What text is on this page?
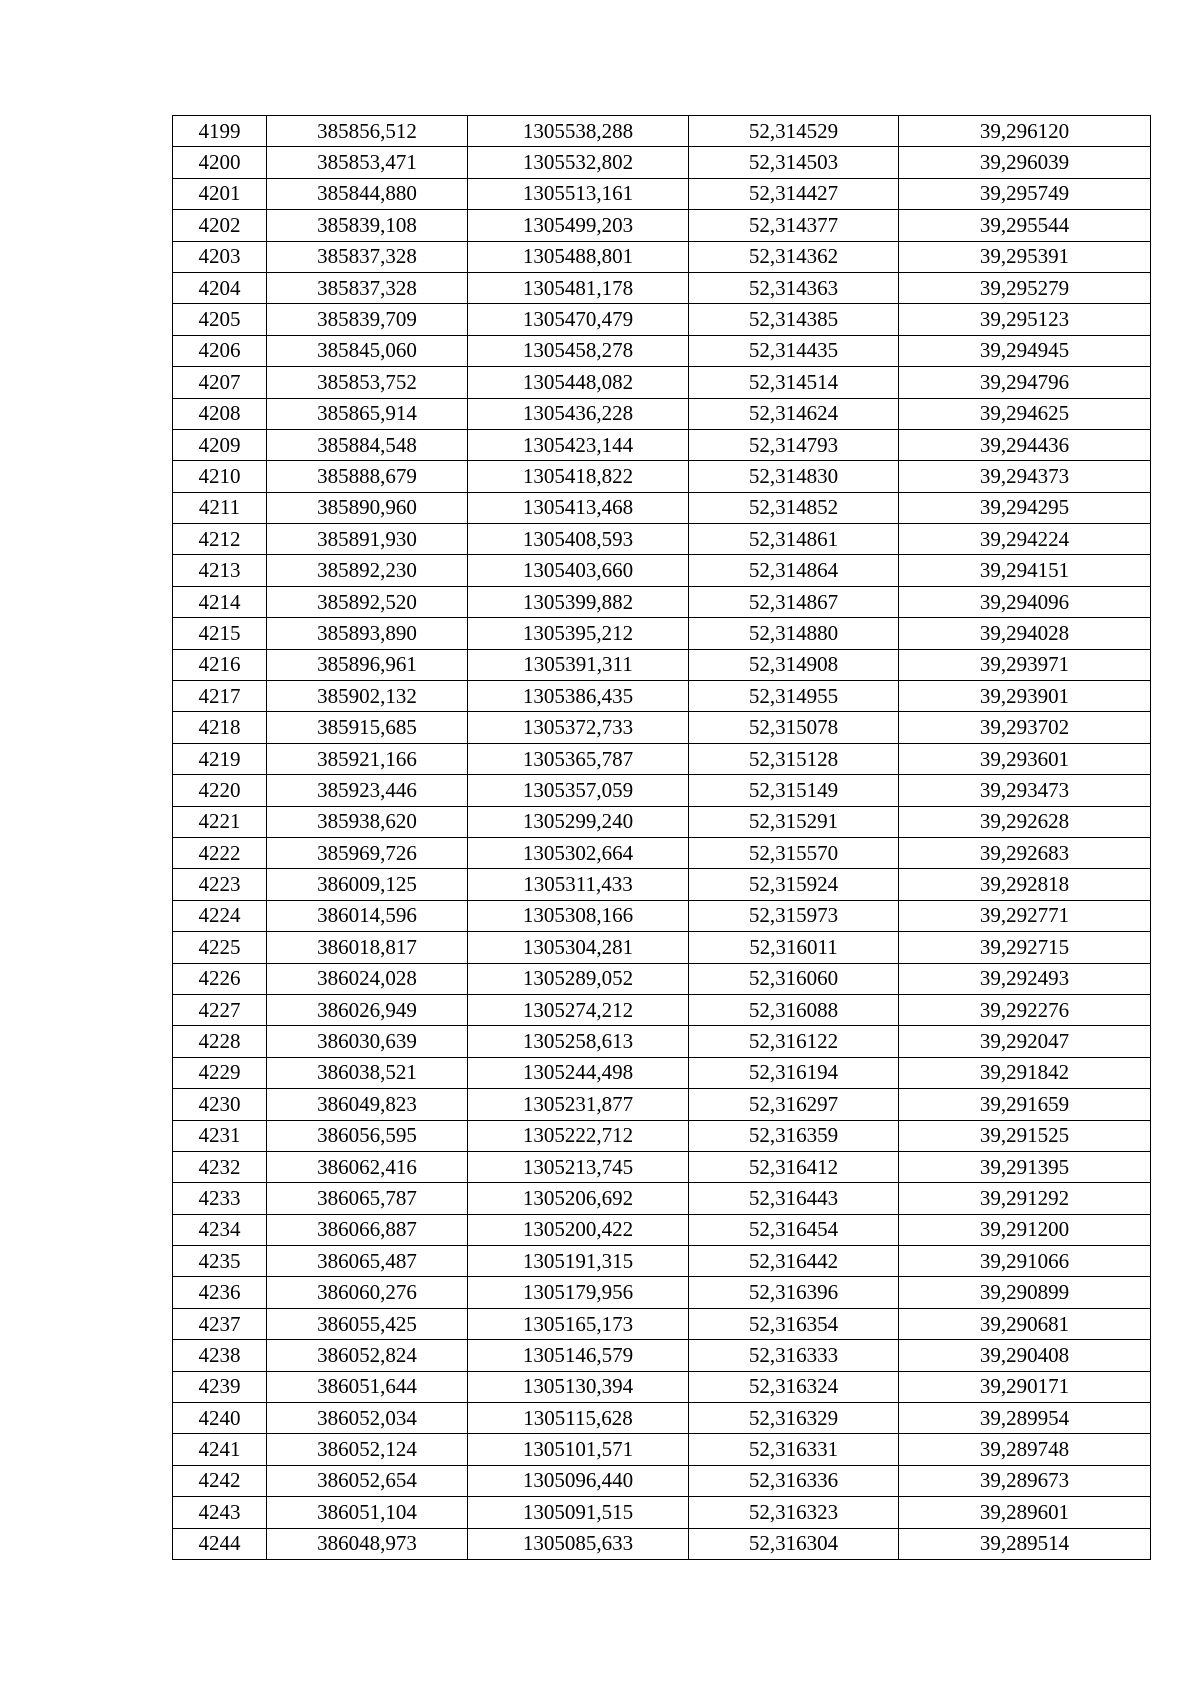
4199	385856,512	1305538,288	52,314529	39,296120
4200	385853,471	1305532,802	52,314503	39,296039
4201	385844,880	1305513,161	52,314427	39,295749
4202	385839,108	1305499,203	52,314377	39,295544
4203	385837,328	1305488,801	52,314362	39,295391
4204	385837,328	1305481,178	52,314363	39,295279
4205	385839,709	1305470,479	52,314385	39,295123
4206	385845,060	1305458,278	52,314435	39,294945
4207	385853,752	1305448,082	52,314514	39,294796
4208	385865,914	1305436,228	52,314624	39,294625
4209	385884,548	1305423,144	52,314793	39,294436
4210	385888,679	1305418,822	52,314830	39,294373
4211	385890,960	1305413,468	52,314852	39,294295
4212	385891,930	1305408,593	52,314861	39,294224
4213	385892,230	1305403,660	52,314864	39,294151
4214	385892,520	1305399,882	52,314867	39,294096
4215	385893,890	1305395,212	52,314880	39,294028
4216	385896,961	1305391,311	52,314908	39,293971
4217	385902,132	1305386,435	52,314955	39,293901
4218	385915,685	1305372,733	52,315078	39,293702
4219	385921,166	1305365,787	52,315128	39,293601
4220	385923,446	1305357,059	52,315149	39,293473
4221	385938,620	1305299,240	52,315291	39,292628
4222	385969,726	1305302,664	52,315570	39,292683
4223	386009,125	1305311,433	52,315924	39,292818
4224	386014,596	1305308,166	52,315973	39,292771
4225	386018,817	1305304,281	52,316011	39,292715
4226	386024,028	1305289,052	52,316060	39,292493
4227	386026,949	1305274,212	52,316088	39,292276
4228	386030,639	1305258,613	52,316122	39,292047
4229	386038,521	1305244,498	52,316194	39,291842
4230	386049,823	1305231,877	52,316297	39,291659
4231	386056,595	1305222,712	52,316359	39,291525
4232	386062,416	1305213,745	52,316412	39,291395
4233	386065,787	1305206,692	52,316443	39,291292
4234	386066,887	1305200,422	52,316454	39,291200
4235	386065,487	1305191,315	52,316442	39,291066
4236	386060,276	1305179,956	52,316396	39,290899
4237	386055,425	1305165,173	52,316354	39,290681
4238	386052,824	1305146,579	52,316333	39,290408
4239	386051,644	1305130,394	52,316324	39,290171
4240	386052,034	1305115,628	52,316329	39,289954
4241	386052,124	1305101,571	52,316331	39,289748
4242	386052,654	1305096,440	52,316336	39,289673
4243	386051,104	1305091,515	52,316323	39,289601
4244	386048,973	1305085,633	52,316304	39,289514
